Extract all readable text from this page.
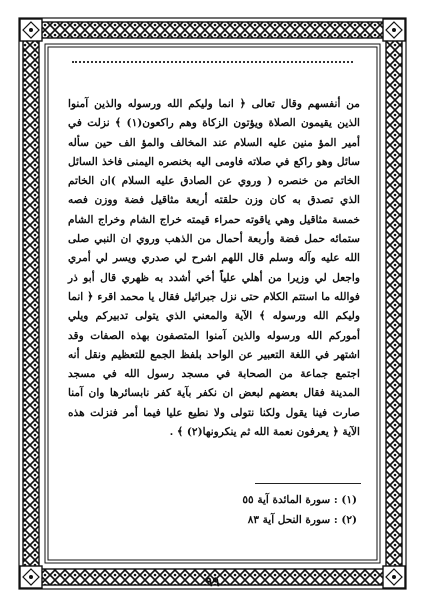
من أنفسهم وقال تعالى ﴿ انما وليكم الله ورسوله والذين آمنوا الذين يقيمون الصلاة ويؤتون الزكاة وهم راكعون(١) ﴾ نزلت في أمير المؤ منين عليه السلام عند المخالف والمؤ الف حين سأله سائل وهو راكع في صلاته فاومى اليه بخنصره اليمنى فاخذ السائل الخاتم من خنصره ( وروي عن الصادق عليه السلام )ان الخاتم الذي تصدق به كان وزن حلقته أربعة مثاقيل فضة ووزن فصه خمسة مثاقيل وهي ياقوته حمراء قيمته خراج الشام وخراج الشام ستمائه حمل فضة وأربعة أحمال من الذهب وروي ان النبي صلى الله عليه وآله وسلم قال اللهم اشرح لي صدري ويسر لي أمري واجعل لي وزيرا من أهلي علياً أخي أشدد به ظهري قال أبو ذر فوالله ما استتم الكلام حتى نزل جبرائيل فقال يا محمد اقرء ﴿ انما وليكم الله ورسوله ﴾ الآية والمعني الذي يتولى تدبيركم ويلي أموركم الله ورسوله والذين آمنوا المتصفون بهذه الصفات وقد اشتهر في اللغة التعبير عن الواحد بلفظ الجمع للتعظيم ونقل أنه اجتمع جماعة من الصحابة في مسجد رسول الله في مسجد المدينة فقال بعضهم لبعض ان نكفر بآية كفر نابسائرها وان آمنا صارت فينا يقول ولكنا نتولى ولا نطيع عليا فيما أمر فنزلت هذه الآية ﴿ يعرفون نعمة الله ثم ينكرونها(٢) ﴾ .

(١) : سورة المائدة آية ٥٥
(٢) : سورة النحل آية ٨٣
٩٩
